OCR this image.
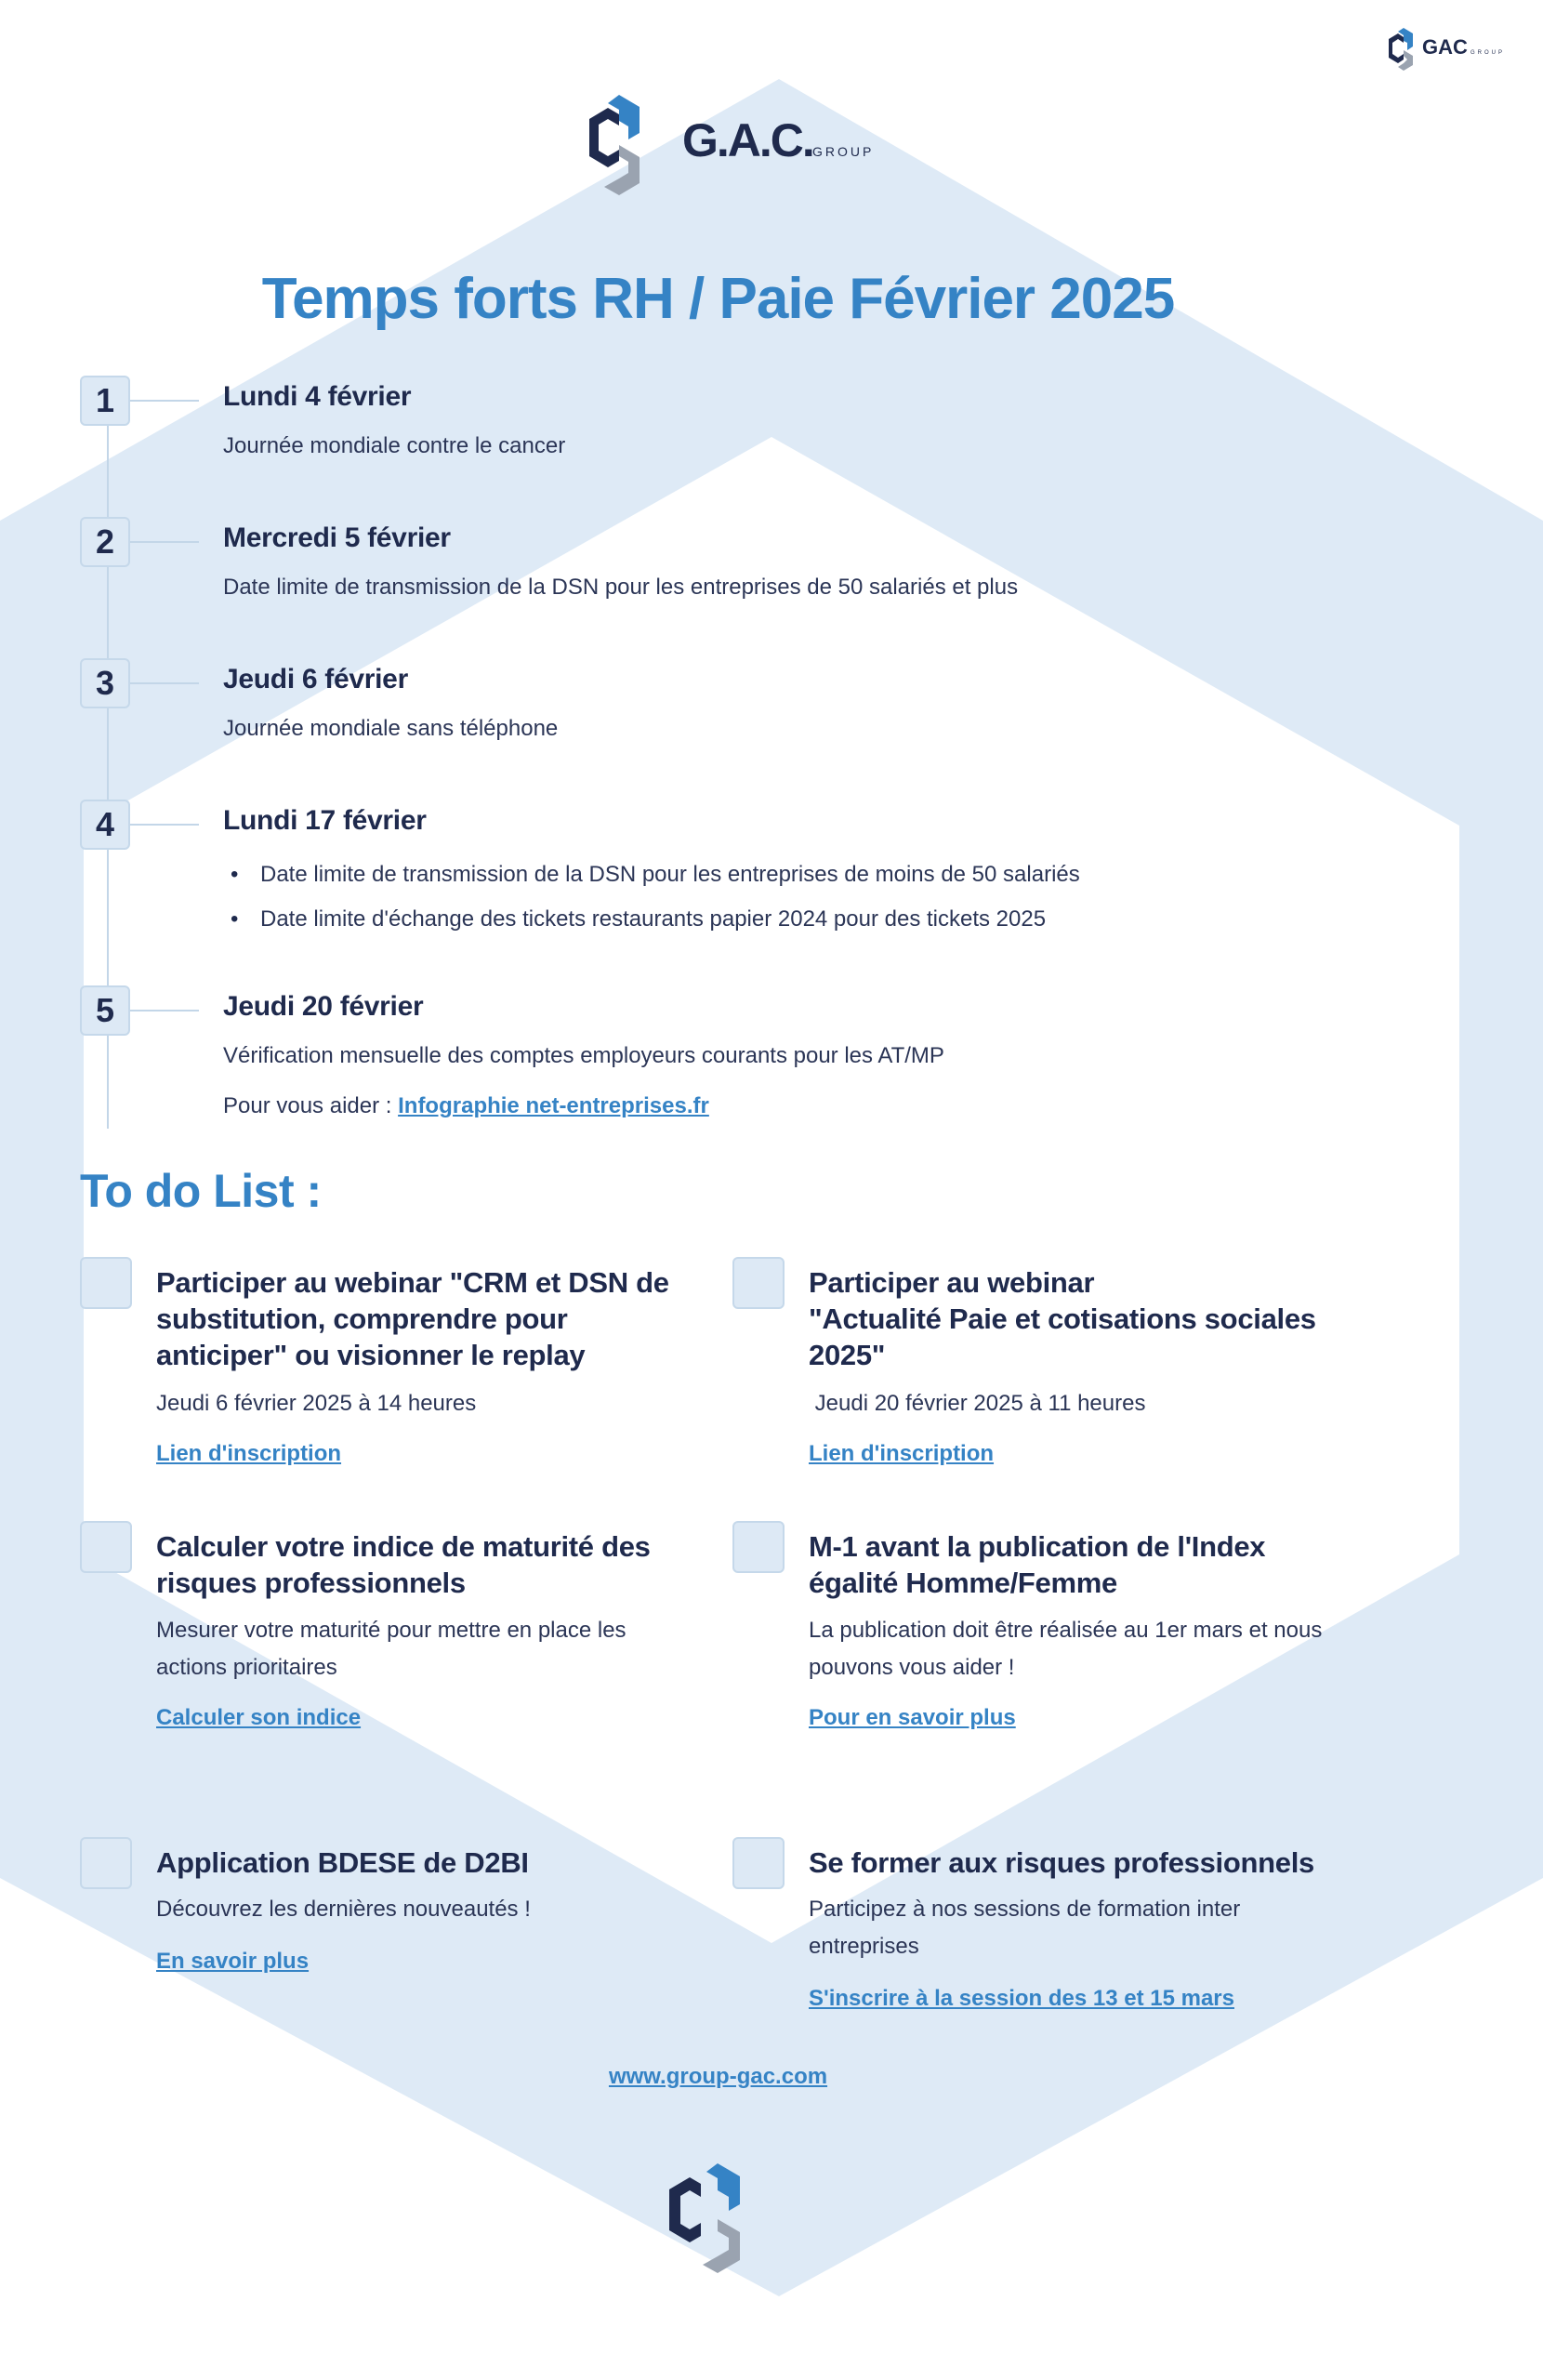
GAC GROUP
G.A.C. GROUP
Temps forts RH / Paie Février 2025
1	Lundi 4 février
Journée mondiale contre le cancer
2	Mercredi 5 février
Date limite de transmission de la DSN pour les entreprises de 50 salariés et plus
3	Jeudi 6 février
Journée mondiale sans téléphone
4	Lundi 17 février
• Date limite de transmission de la DSN pour les entreprises de moins de 50 salariés
• Date limite d'échange des tickets restaurants papier 2024 pour des tickets 2025
5	Jeudi 20 février
Vérification mensuelle des comptes employeurs courants pour les AT/MP
Pour vous aider : Infographie net-entreprises.fr
To do List :
Participer au webinar "CRM et DSN de substitution, comprendre pour anticiper" ou visionner le replay
Jeudi 6 février 2025 à 14 heures
Lien d'inscription
Participer au webinar
"Actualité Paie et cotisations sociales
2025"
Jeudi 20 février 2025 à 11 heures
Lien d'inscription
Calculer votre indice de maturité des risques professionnels
Mesurer votre maturité pour mettre en place les actions prioritaires
Calculer son indice
M-1 avant la publication de l'Index égalité Homme/Femme
La publication doit être réalisée au 1er mars et nous pouvons vous aider !
Pour en savoir plus
Application BDESE de D2BI
Découvrez les dernières nouveautés !
En savoir plus
Se former aux risques professionnels
Participez à nos sessions de formation inter entreprises
S'inscrire à la session des 13 et 15 mars
www.group-gac.com
